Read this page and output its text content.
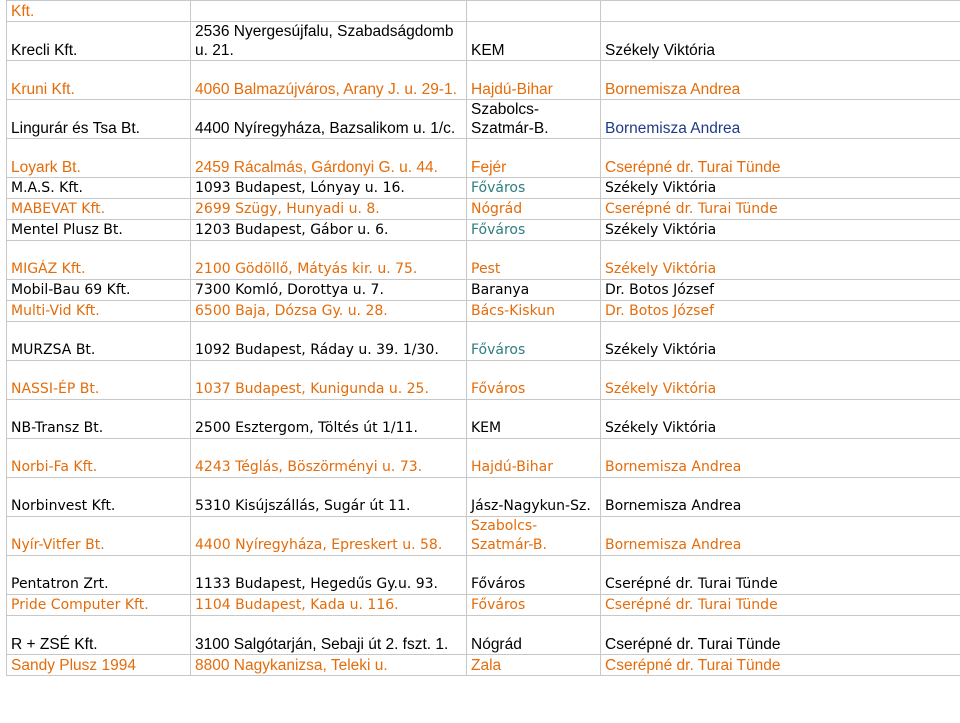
Kft.			
Krecli Kft.	2536 Nyergesújfalu, Szabadságdomb u. 21.	KEM	Székely Viktória
Kruni Kft.	4060 Balmazújváros, Arany J. u. 29-1.	Hajdú-Bihar	Bornemisza Andrea
Lingurár és Tsa Bt.	4400 Nyíregyháza, Bazsalikom u. 1/c.	Szabolcs-Szatmár-B.	Bornemisza Andrea
Loyark Bt.	2459 Rácalmás, Gárdonyi G. u. 44.	Fejér	Cserépné dr. Turai Tünde
M.A.S. Kft.	1093 Budapest, Lónyay u. 16.	Főváros	Székely Viktória
MABEVAT Kft.	2699 Szügy, Hunyadi u. 8.	Nógrád	Cserépné dr. Turai Tünde
Mentel Plusz Bt.	1203 Budapest, Gábor u. 6.	Főváros	Székely Viktória
MIGÁZ Kft.	2100 Gödöllő, Mátyás kir. u. 75.	Pest	Székely Viktória
Mobil-Bau 69 Kft.	7300 Komló, Dorottya u. 7.	Baranya	Dr. Botos József
Multi-Vid Kft.	6500 Baja, Dózsa Gy. u. 28.	Bács-Kiskun	Dr. Botos József
MURZSA Bt.	1092 Budapest, Ráday u. 39. 1/30.	Főváros	Székely Viktória
NASSI-ÉP Bt.	1037 Budapest, Kunigunda u. 25.	Főváros	Székely Viktória
NB-Transz Bt.	2500 Esztergom, Töltés út 1/11.	KEM	Székely Viktória
Norbi-Fa Kft.	4243 Téglás, Böszörményi u. 73.	Hajdú-Bihar	Bornemisza Andrea
Norbinvest Kft.	5310 Kisújszállás, Sugár út 11.	Jász-Nagykun-Sz.	Bornemisza Andrea
Nyír-Vitfer Bt.	4400 Nyíregyháza, Epreskert u. 58.	Szabolcs-Szatmár-B.	Bornemisza Andrea
Pentatron Zrt.	1133 Budapest, Hegedűs Gy.u. 93.	Főváros	Cserépné dr. Turai Tünde
Pride Computer Kft.	1104 Budapest, Kada u. 116.	Főváros	Cserépné dr. Turai Tünde
R + ZSÉ Kft.	3100 Salgótarján, Sebaji út 2. fszt. 1.	Nógrád	Cserépné dr. Turai Tünde
Sandy Plusz 1994	8800 Nagykanizsa, Teleki u.	Zala	Cserépné dr. Turai Tünde
